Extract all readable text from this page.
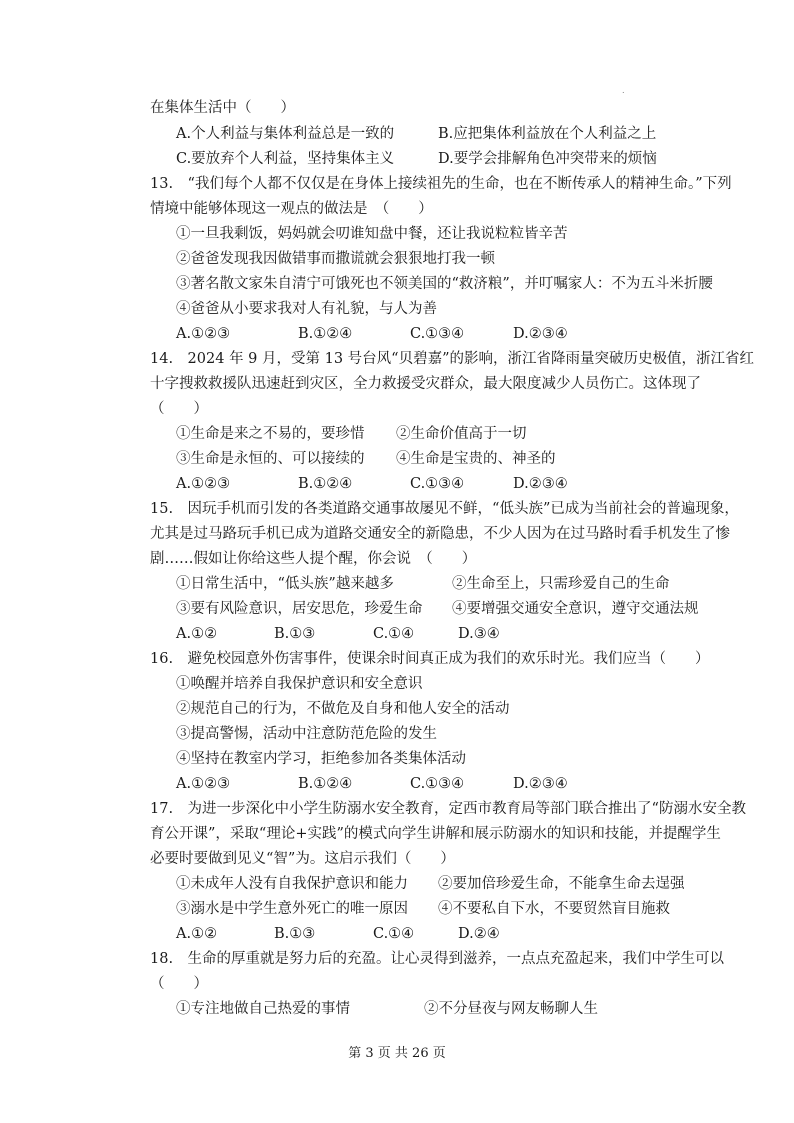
.
在集体生活中（　　）
A.个人利益与集体利益总是一致的	B.应把集体利益放在个人利益之上
C.要放弃个人利益，坚持集体主义	D.要学会排解角色冲突带来的烦恼
13.　“我们每个人都不仅仅是在身体上接续祖先的生命，也在不断传承人的精神生命。”下列
情境中能够体现这一观点的做法是　（　　）
①一旦我剩饭，妈妈就会叨谁知盘中餐，还让我说粒粒皆辛苦
②爸爸发现我因做错事而撒谎就会狠狠地打我一顿
③著名散文家朱自清宁可饿死也不领美国的“救济粮”，并叮嘱家人：不为五斗米折腰
④爸爸从小要求我对人有礼貌，与人为善
A.①②③	B.①②④	C.①③④	D.②③④
14.　2024 年 9 月，受第 13 号台风“贝碧嘉”的影响，浙江省降雨量突破历史极值，浙江省红
十字搜救救援队迅速赶到灾区，全力救援受灾群众，最大限度减少人员伤亡。这体现了
（　　）
①生命是来之不易的，要珍惜 ②生命价值高于一切
③生命是永恒的、可以接续的 ④生命是宝贵的、神圣的
A.①②③	B.①②④	C.①③④	D.②③④
15.　因玩手机而引发的各类道路交通事故屡见不鲜，“低头族”已成为当前社会的普遍现象，
尤其是过马路玩手机已成为道路交通安全的新隐患，不少人因为在过马路时看手机发生了惨
剧……假如让你给这些人提个醒，你会说　（　　）
①日常生活中，“低头族”越来越多	②生命至上，只需珍爱自己的生命
③要有风险意识，居安思危，珍爱生命 ④要增强交通安全意识，遵守交通法规
A.①②	B.①③	C.①④	D.③④
16.　避免校园意外伤害事件，使课余时间真正成为我们的欢乐时光。我们应当（　　）
①唤醒并培养自我保护意识和安全意识
②规范自己的行为，不做危及自身和他人安全的活动
③提高警惕，活动中注意防范危险的发生
④坚持在教室内学习，拒绝参加各类集体活动
A.①②③	B.①②④	C.①③④	D.②③④
17.　为进一步深化中小学生防溺水安全教育，定西市教育局等部门联合推出了“防溺水安全教
育公开课”，采取“理论+实践”的模式向学生讲解和展示防溺水的知识和技能，并提醒学生
必要时要做到见义“智”为。这启示我们（　　）
①未成年人没有自我保护意识和能力 ②要加倍珍爱生命，不能拿生命去逞强
③溺水是中学生意外死亡的唯一原因 ④不要私自下水，不要贸然盲目施救
A.①②	B.①③	C.①④	D.②④
18.　生命的厚重就是努力后的充盈。让心灵得到滋养，一点点充盈起来，我们中学生可以
（　　）
①专注地做自己热爱的事情	②不分昼夜与网友畅聊人生
第 3 页 共 26 页
